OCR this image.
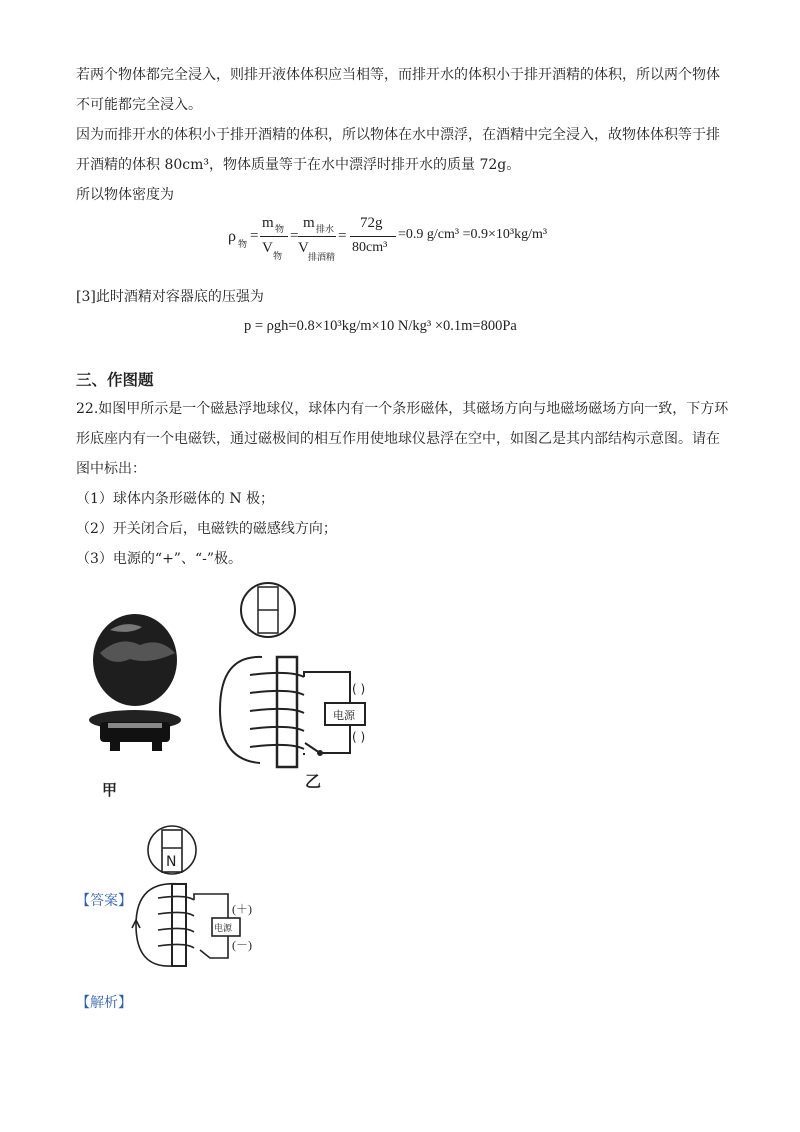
若两个物体都完全浸入，则排开液体体积应当相等，而排开水的体积小于排开酒精的体积，所以两个物体
不可能都完全浸入。
因为而排开水的体积小于排开酒精的体积，所以物体在水中漂浮，在酒精中完全浸入，故物体体积等于排
开酒精的体积 80cm³，物体质量等于在水中漂浮时排开水的质量 72g。
所以物体密度为
ρ 物 =
m 物
V 物
=
m 排水
V
排酒精
=
72g
80cm³
=0.9 g/cm³ =0.9×10³kg/m³
[3]此时酒精对容器底的压强为
p = ρgh=0.8×10³kg/m×10 N/kg³ ×0.1m=800Pa
三、作图题
22.如图甲所示是一个磁悬浮地球仪，球体内有一个条形磁体，其磁场方向与地磁场磁场方向一致，下方环
形底座内有一个电磁铁，通过磁极间的相互作用使地球仪悬浮在空中，如图乙是其内部结构示意图。请在
图中标出：
（1）球体内条形磁体的 N 极；
（2）开关闭合后，电磁铁的磁感线方向；
（3）电源的“+”、“-”极。
甲
电源
( )
( )
乙
【答案】
N
电源
(＋)
(－)
【解析】
